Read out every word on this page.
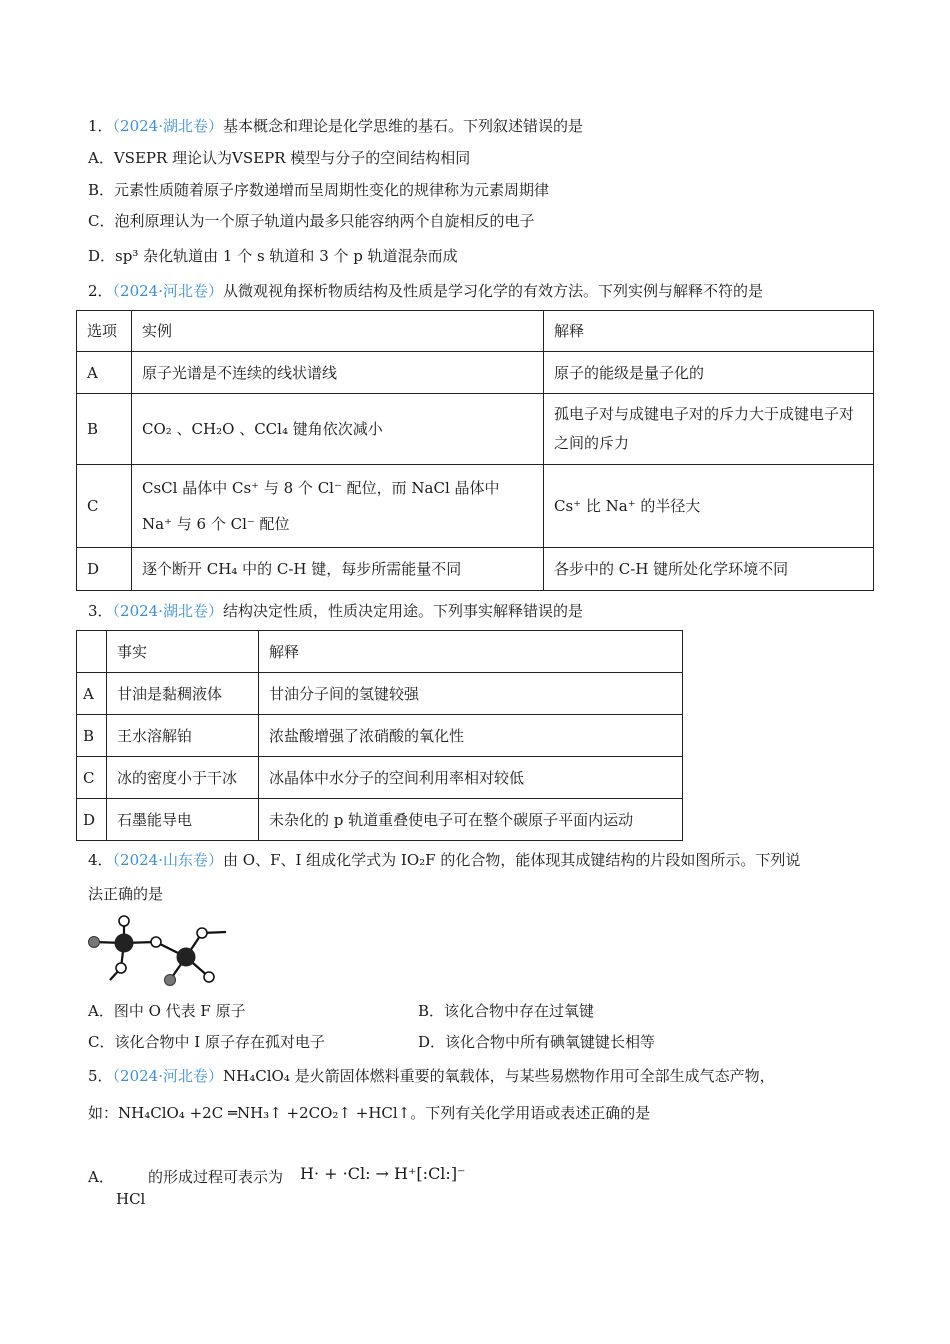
1．（2024·湖北卷）基本概念和理论是化学思维的基石。下列叙述错误的是
A．VSEPR 理论认为VSEPR 模型与分子的空间结构相同
B．元素性质随着原子序数递增而呈周期性变化的规律称为元素周期律
C．泡利原理认为一个原子轨道内最多只能容纳两个自旋相反的电子
D．sp³ 杂化轨道由 1 个 s 轨道和 3 个 p 轨道混杂而成
2．（2024·河北卷）从微观视角探析物质结构及性质是学习化学的有效方法。下列实例与解释不符的是
选项	实例	解释
A	原子光谱是不连续的线状谱线	原子的能级是量子化的
B	CO₂ 、CH₂O 、CCl₄ 键角依次减小	孤电子对与成键电子对的斥力大于成键电子对之间的斥力
C	CsCl 晶体中 Cs⁺ 与 8 个 Cl⁻ 配位，而 NaCl 晶体中 Na⁺ 与 6 个 Cl⁻ 配位	Cs⁺ 比 Na⁺ 的半径大
D	逐个断开 CH₄ 中的 C-H 键，每步所需能量不同	各步中的 C-H 键所处化学环境不同
3．（2024·湖北卷）结构决定性质，性质决定用途。下列事实解释错误的是
	事实	解释
A	甘油是黏稠液体	甘油分子间的氢键较强
B	王水溶解铂	浓盐酸增强了浓硝酸的氧化性
C	冰的密度小于干冰	冰晶体中水分子的空间利用率相对较低
D	石墨能导电	未杂化的 p 轨道重叠使电子可在整个碳原子平面内运动
4．（2024·山东卷）由 O、F、I 组成化学式为 IO₂F 的化合物，能体现其成键结构的片段如图所示。下列说
法正确的是
A．图中 O 代表 F 原子	B．该化合物中存在过氧键
C．该化合物中 I 原子存在孤对电子	D．该化合物中所有碘氧键键长相等
5．（2024·河北卷）NH₄ClO₄ 是火箭固体燃料重要的氧载体，与某些易燃物作用可全部生成气态产物，
如：NH₄ClO₄ +2C ═NH₃↑ +2CO₂↑ +HCl↑。下列有关化学用语或表述正确的是
A． 的形成过程可表示为
HCl
H· + ·Cl: → H⁺[:Cl:]⁻
